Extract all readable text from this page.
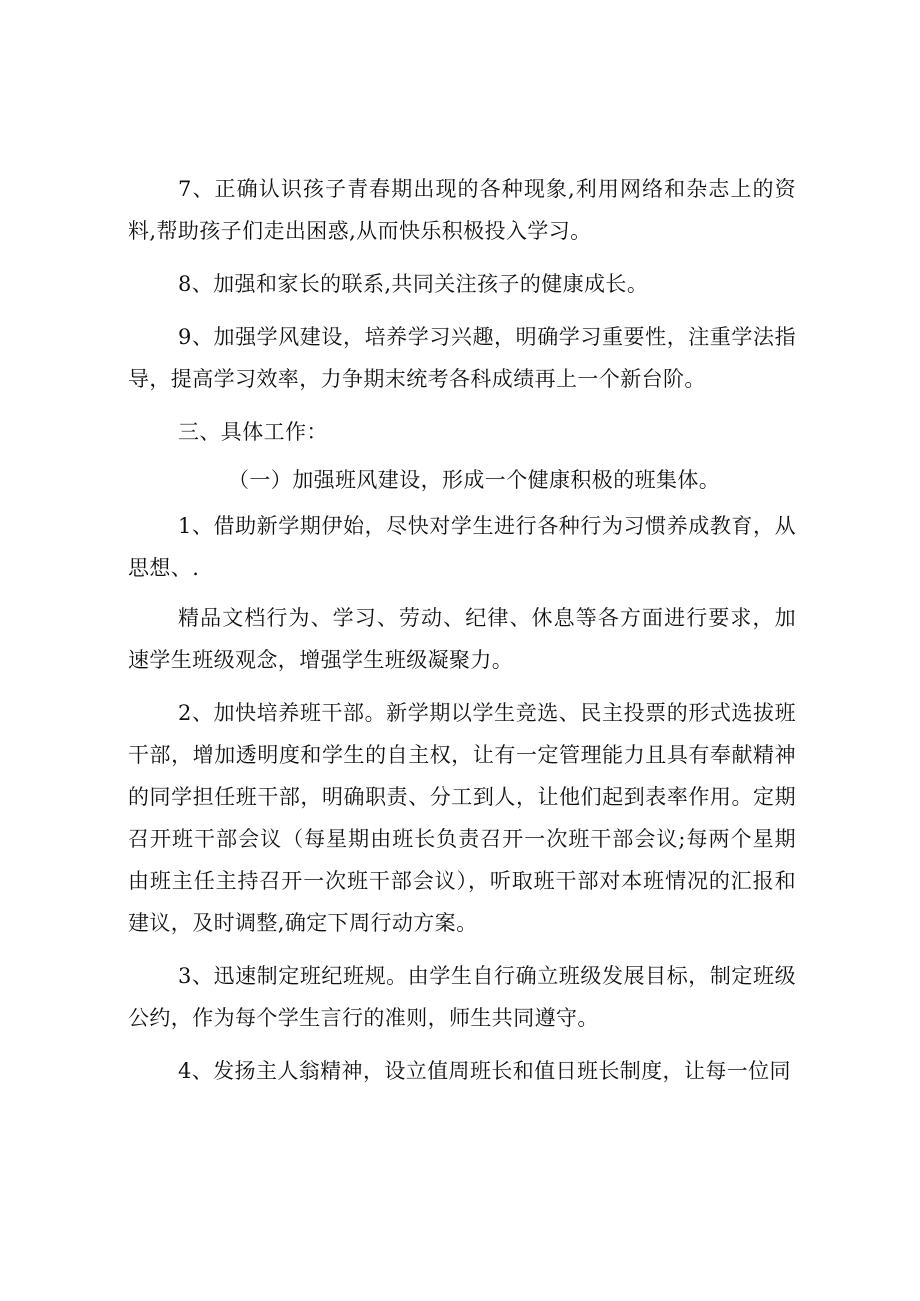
7、正确认识孩子青春期出现的各种现象,利用网络和杂志上的资料,帮助孩子们走出困惑,从而快乐积极投入学习。

8、加强和家长的联系,共同关注孩子的健康成长。

9、加强学风建设，培养学习兴趣，明确学习重要性，注重学法指导，提高学习效率，力争期末统考各科成绩再上一个新台阶。

三、具体工作：

（一）加强班风建设，形成一个健康积极的班集体。

1、借助新学期伊始，尽快对学生进行各种行为习惯养成教育，从思想、.

精品文档行为、学习、劳动、纪律、休息等各方面进行要求，加速学生班级观念，增强学生班级凝聚力。

2、加快培养班干部。新学期以学生竞选、民主投票的形式选拔班干部，增加透明度和学生的自主权，让有一定管理能力且具有奉献精神的同学担任班干部，明确职责、分工到人，让他们起到表率作用。定期召开班干部会议（每星期由班长负责召开一次班干部会议;每两个星期由班主任主持召开一次班干部会议），听取班干部对本班情况的汇报和建议，及时调整,确定下周行动方案。

3、迅速制定班纪班规。由学生自行确立班级发展目标，制定班级公约，作为每个学生言行的准则，师生共同遵守。

4、发扬主人翁精神，设立值周班长和值日班长制度，让每一位同
